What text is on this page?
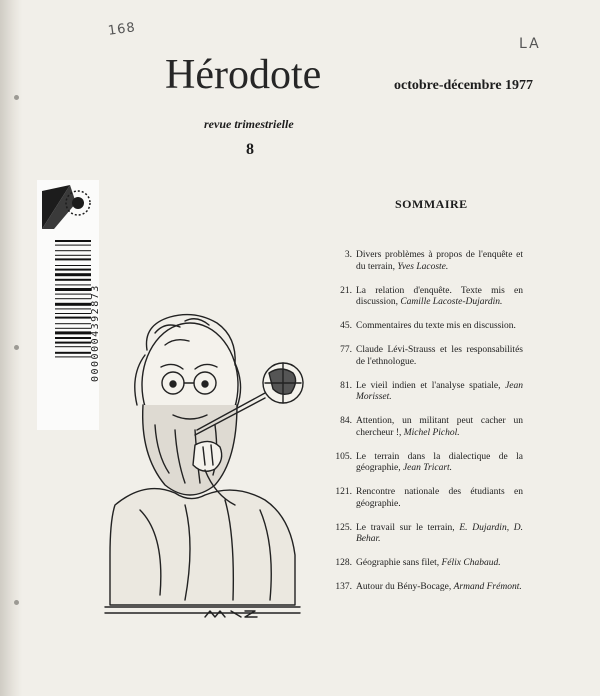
168
LA
Hérodote	octobre-décembre 1977
revue trimestrielle
8
0000004392873
SOMMAIRE
3. Divers problèmes à propos de l'enquête et du terrain, Yves Lacoste.
21. La relation d'enquête. Texte mis en discussion, Camille Lacoste-Dujardin.
45. Commentaires du texte mis en discussion.
77. Claude Lévi-Strauss et les responsabilités de l'ethnologue.
81. Le vieil indien et l'analyse spatiale, Jean Morisset.
84. Attention, un militant peut cacher un chercheur !, Michel Pichol.
105. Le terrain dans la dialectique de la géographie, Jean Tricart.
121. Rencontre nationale des étudiants en géographie.
125. Le travail sur le terrain, E. Dujardin, D. Behar.
128. Géographie sans filet, Félix Chabaud.
137. Autour du Bény-Bocage, Armand Frémont.
